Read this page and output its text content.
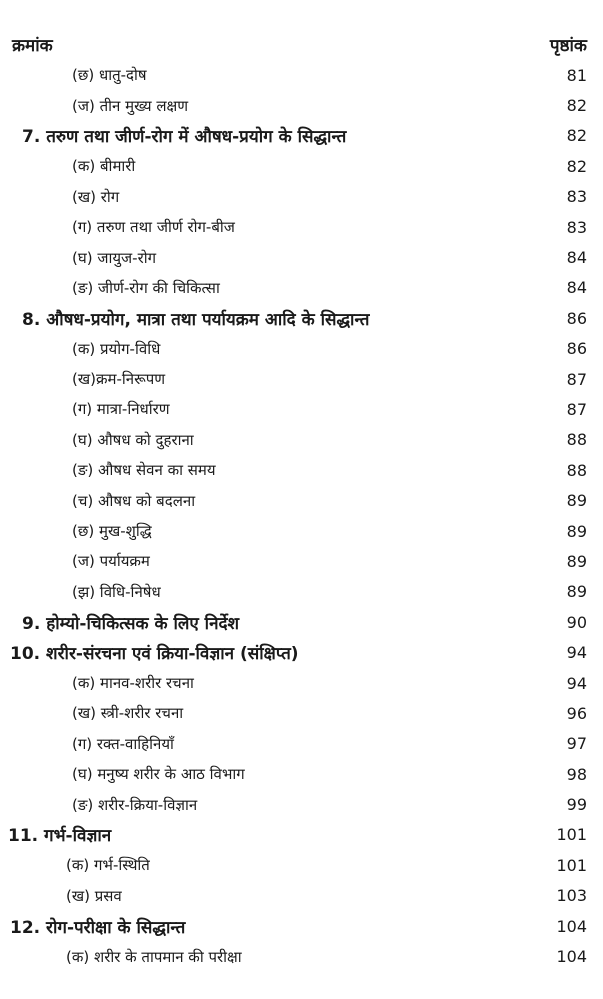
क्रमांक	पृष्ठांक
(छ) धातु-दोष	81
(ज) तीन मुख्य लक्षण	82
7. तरुण तथा जीर्ण-रोग में औषध-प्रयोग के सिद्धान्त	82
(क) बीमारी	82
(ख) रोग	83
(ग) तरुण तथा जीर्ण रोग-बीज	83
(घ) जायुज-रोग	84
(ङ) जीर्ण-रोग की चिकित्सा	84
8. औषध-प्रयोग, मात्रा तथा पर्यायक्रम आदि के सिद्धान्त	86
(क) प्रयोग-विधि	86
(ख)क्रम-निरूपण	87
(ग) मात्रा-निर्धारण	87
(घ) औषध को दुहराना	88
(ङ) औषध सेवन का समय	88
(च) औषध को बदलना	89
(छ) मुख-शुद्धि	89
(ज) पर्यायक्रम	89
(झ) विधि-निषेध	89
9. होम्यो-चिकित्सक के लिए निर्देश	90
10. शरीर-संरचना एवं क्रिया-विज्ञान (संक्षिप्त)	94
(क) मानव-शरीर रचना	94
(ख) स्त्री-शरीर रचना	96
(ग) रक्त-वाहिनियाँ	97
(घ) मनुष्य शरीर के आठ विभाग	98
(ङ) शरीर-क्रिया-विज्ञान	99
11. गर्भ-विज्ञान	101
(क) गर्भ-स्थिति	101
(ख) प्रसव	103
12. रोग-परीक्षा के सिद्धान्त	104
(क) शरीर के तापमान की परीक्षा	104
